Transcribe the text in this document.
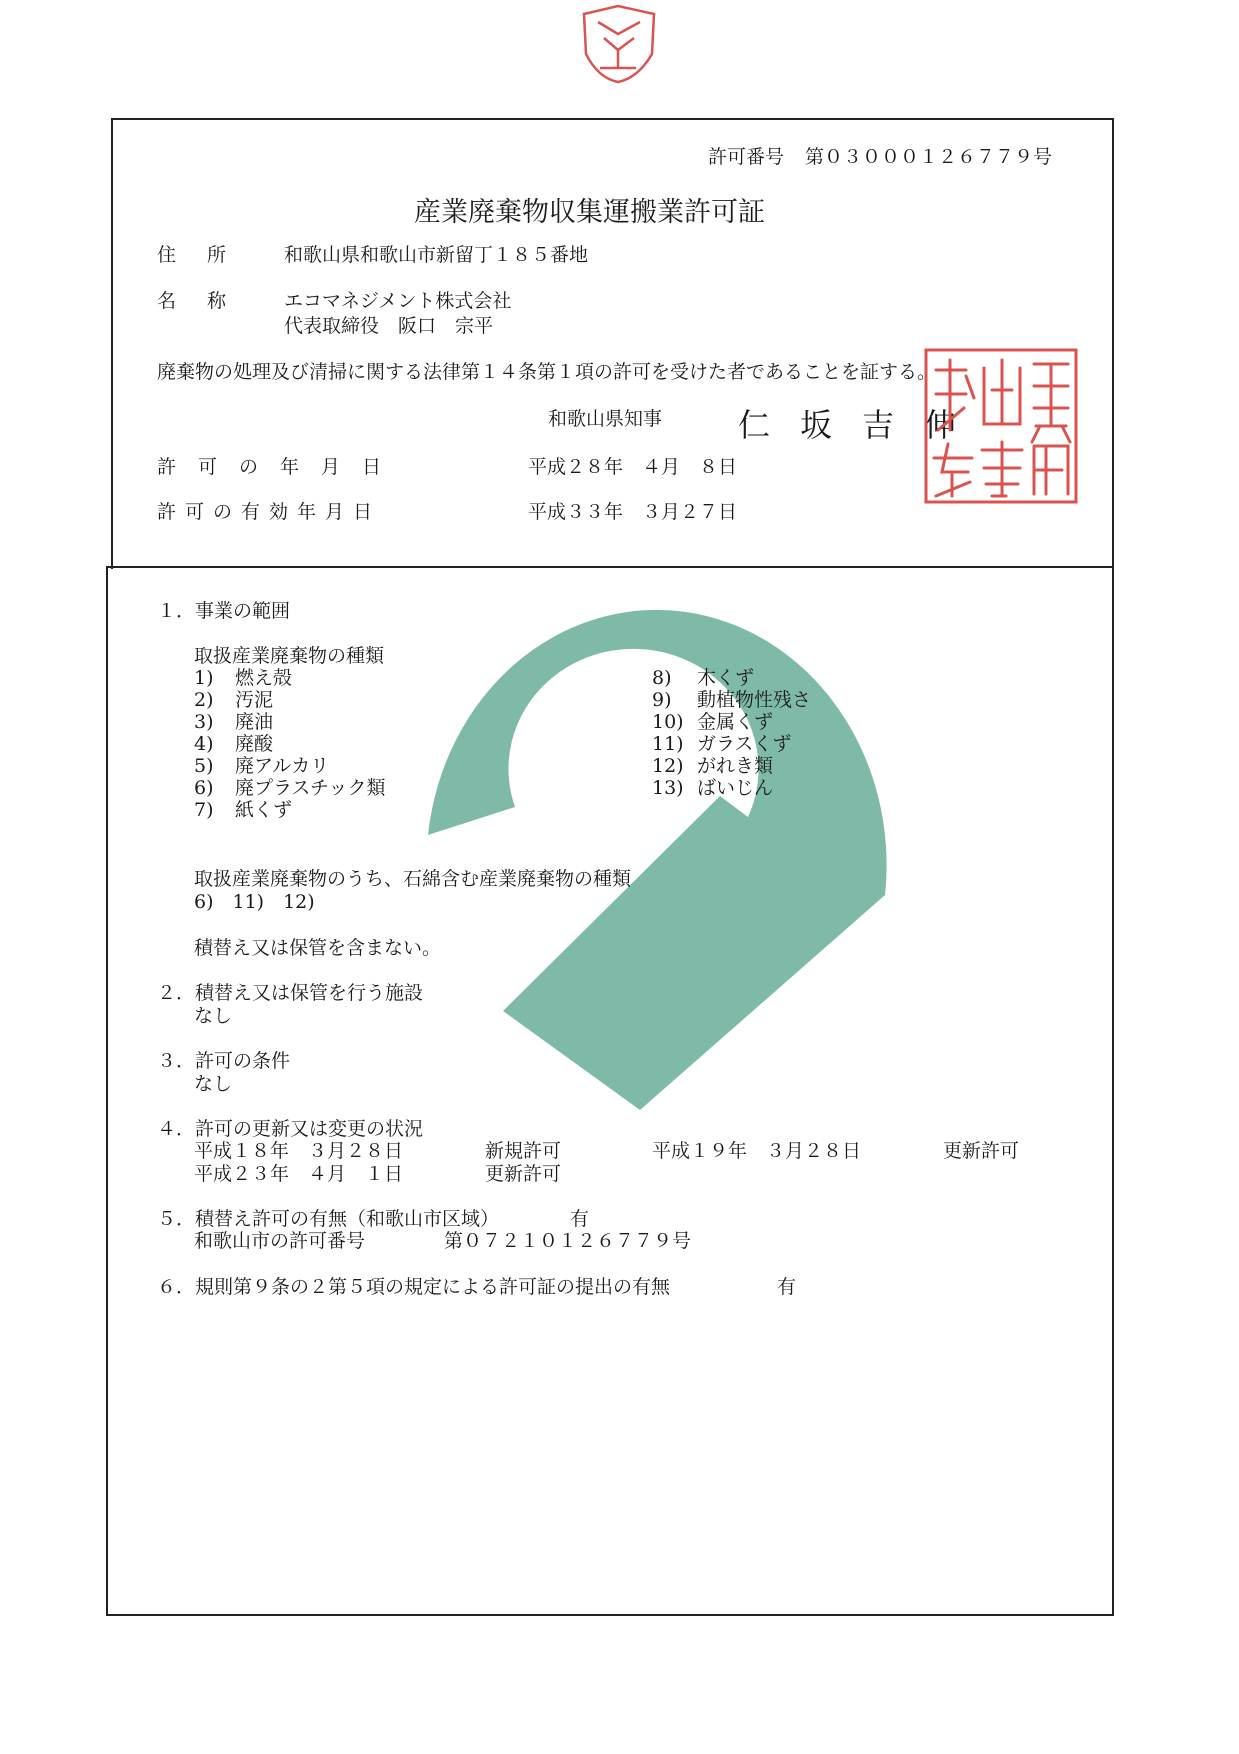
許可番号 第０３０００１２６７７９号
産業廃棄物収集運搬業許可証
住　所	和歌山県和歌山市新留丁１８５番地
名　称	エコマネジメント株式会社
代表取締役　阪口　宗平
廃棄物の処理及び清掃に関する法律第１４条第１項の許可を受けた者であることを証する。
和歌山県知事 仁坂吉伸
許可の年月日	平成２８年　４月　８日
許可の有効年月日	平成３３年　３月２７日
１．事業の範囲
取扱産業廃棄物の種類
1) 燃え殻
2) 汚泥
3) 廃油
4) 廃酸
5) 廃アルカリ
6) 廃プラスチック類
7) 紙くず
8) 木くず
9) 動植物性残さ
10) 金属くず
11) ガラスくず
12) がれき類
13) ばいじん
取扱産業廃棄物のうち、石綿含む産業廃棄物の種類
6)　11)　12)
積替え又は保管を含まない。
２．積替え又は保管を行う施設
なし
３．許可の条件
なし
４．許可の更新又は変更の状況
平成１８年　３月２８日	新規許可	平成１９年　３月２８日	更新許可
平成２３年　４月　１日	更新許可
５．積替え許可の有無（和歌山市区域）	有
和歌山市の許可番号	第０７２１０１２６７７９号
６．規則第９条の２第５項の規定による許可証の提出の有無	有
